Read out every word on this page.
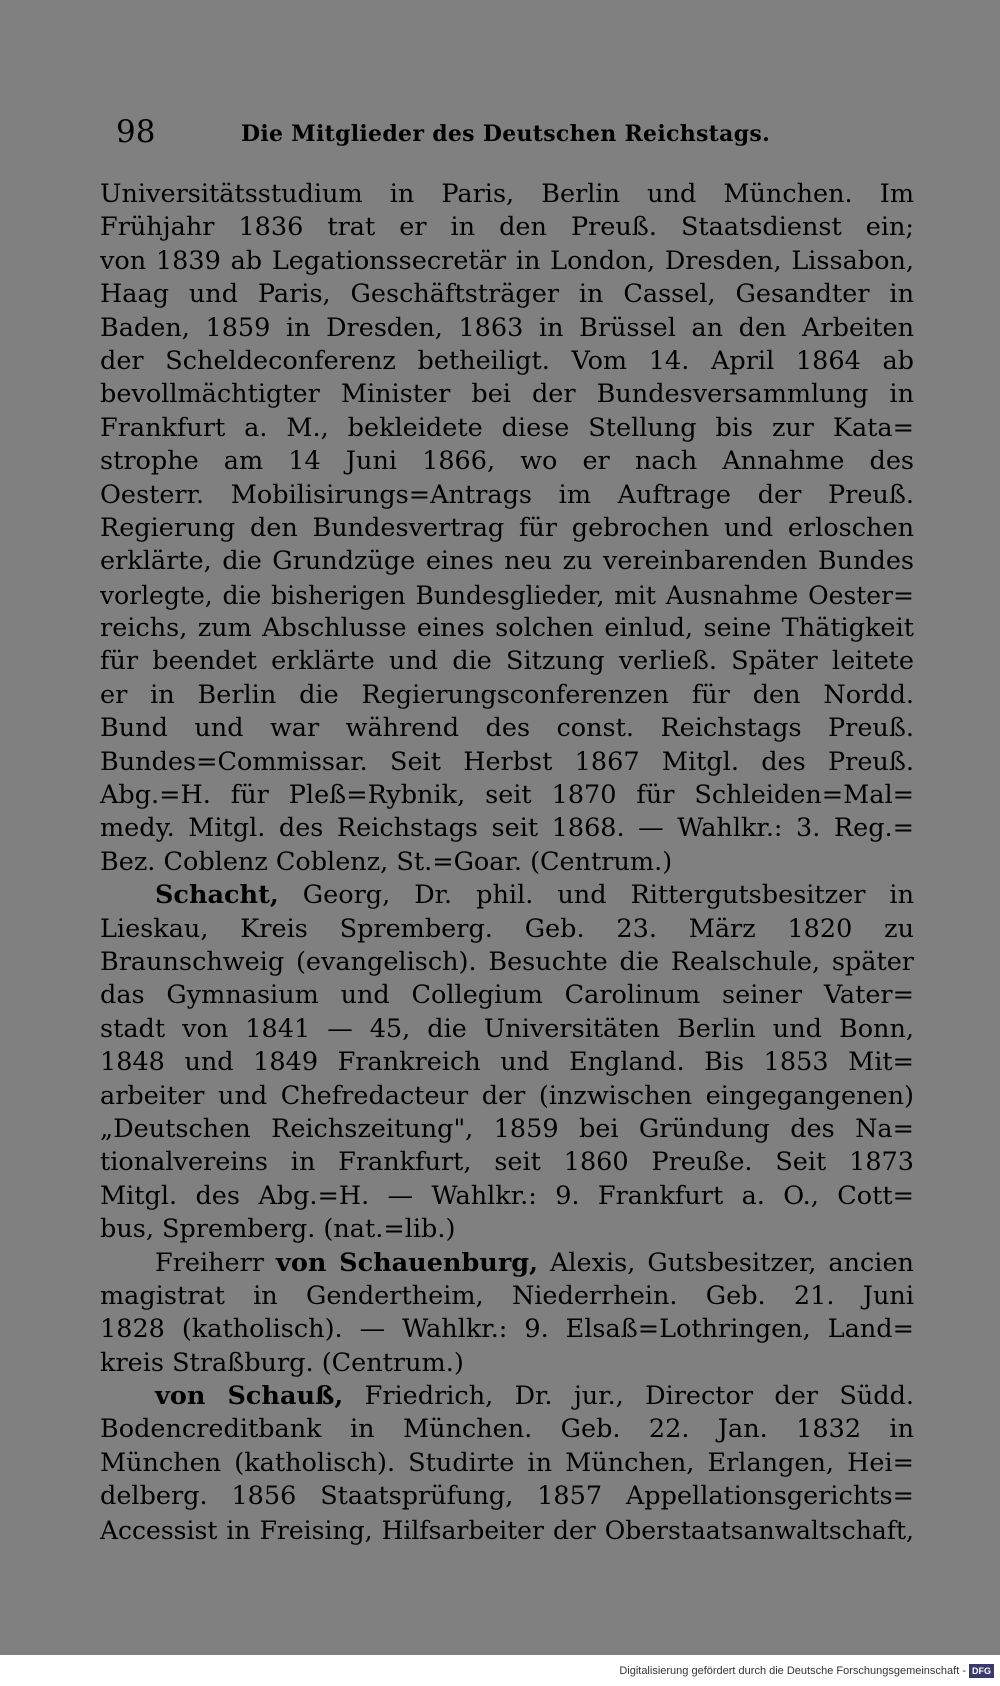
98	Die Mitglieder des Deutschen Reichstags.
Universitätsstudium in Paris, Berlin und München. Im
Frühjahr 1836 trat er in den Preuß. Staatsdienst ein;
von 1839 ab Legationssecretär in London, Dresden, Lissabon,
Haag und Paris, Geschäftsträger in Cassel, Gesandter in
Baden, 1859 in Dresden, 1863 in Brüssel an den Arbeiten
der Scheldeconferenz betheiligt. Vom 14. April 1864 ab
bevollmächtigter Minister bei der Bundesversammlung in
Frankfurt a. M., bekleidete diese Stellung bis zur Kata=
strophe am 14 Juni 1866, wo er nach Annahme des
Oesterr. Mobilisirungs=Antrags im Auftrage der Preuß.
Regierung den Bundesvertrag für gebrochen und erloschen
erklärte, die Grundzüge eines neu zu vereinbarenden Bundes
vorlegte, die bisherigen Bundesglieder, mit Ausnahme Oester=
reichs, zum Abschlusse eines solchen einlud, seine Thätigkeit
für beendet erklärte und die Sitzung verließ. Später leitete
er in Berlin die Regierungsconferenzen für den Nordd.
Bund und war während des const. Reichstags Preuß.
Bundes=Commissar. Seit Herbst 1867 Mitgl. des Preuß.
Abg.=H. für Pleß=Rybnik, seit 1870 für Schleiden=Mal=
medy. Mitgl. des Reichstags seit 1868. — Wahlkr.: 3. Reg.=
Bez. Coblenz Coblenz, St.=Goar. (Centrum.)
Schacht, Georg, Dr. phil. und Rittergutsbesitzer in
Lieskau, Kreis Spremberg. Geb. 23. März 1820 zu
Braunschweig (evangelisch). Besuchte die Realschule, später
das Gymnasium und Collegium Carolinum seiner Vater=
stadt von 1841 — 45, die Universitäten Berlin und Bonn,
1848 und 1849 Frankreich und England. Bis 1853 Mit=
arbeiter und Chefredacteur der (inzwischen eingegangenen)
„Deutschen Reichszeitung", 1859 bei Gründung des Na=
tionalvereins in Frankfurt, seit 1860 Preuße. Seit 1873
Mitgl. des Abg.=H. — Wahlkr.: 9. Frankfurt a. O., Cott=
bus, Spremberg. (nat.=lib.)
Freiherr von Schauenburg, Alexis, Gutsbesitzer, ancien
magistrat in Gendertheim, Niederrhein. Geb. 21. Juni
1828 (katholisch). — Wahlkr.: 9. Elsaß=Lothringen, Land=
kreis Straßburg. (Centrum.)
von Schauß, Friedrich, Dr. jur., Director der Südd.
Bodencreditbank in München. Geb. 22. Jan. 1832 in
München (katholisch). Studirte in München, Erlangen, Hei=
delberg. 1856 Staatsprüfung, 1857 Appellationsgerichts=
Accessist in Freising, Hilfsarbeiter der Oberstaatsanwaltschaft,
Digitalisierung gefördert durch die Deutsche Forschungsgemeinschaft - DFG
